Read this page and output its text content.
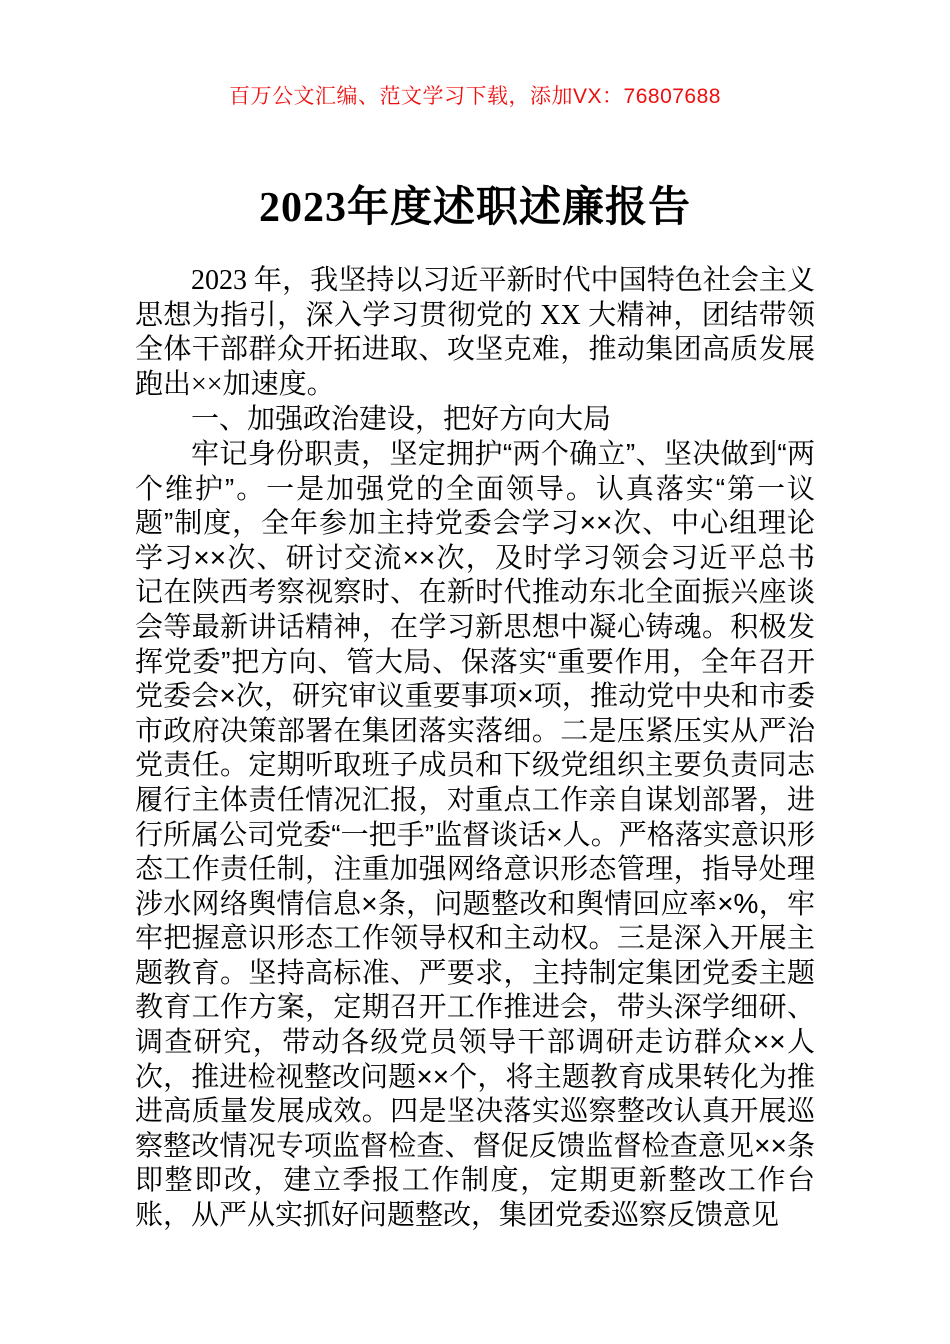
百万公文汇编、范文学习下载，添加VX：76807688
2023年度述职述廉报告

2023 年，我坚持以习近平新时代中国特色社会主义思想为指引，深入学习贯彻党的 XX 大精神，团结带领全体干部群众开拓进取、攻坚克难，推动集团高质发展跑出××加速度。

一、加强政治建设，把好方向大局

牢记身份职责，坚定拥护“两个确立”、坚决做到“两个维护”。一是加强党的全面领导。认真落实“第一议题”制度，全年参加主持党委会学习××次、中心组理论学习××次、研讨交流××次，及时学习领会习近平总书记在陕西考察视察时、在新时代推动东北全面振兴座谈会等最新讲话精神，在学习新思想中凝心铸魂。积极发挥党委”把方向、管大局、保落实“重要作用，全年召开党委会×次，研究审议重要事项×项，推动党中央和市委市政府决策部署在集团落实落细。二是压紧压实从严治党责任。定期听取班子成员和下级党组织主要负责同志履行主体责任情况汇报，对重点工作亲自谋划部署，进行所属公司党委“一把手”监督谈话×人。严格落实意识形态工作责任制，注重加强网络意识形态管理，指导处理涉水网络舆情信息×条，问题整改和舆情回应率×%，牢牢把握意识形态工作领导权和主动权。三是深入开展主题教育。坚持高标准、严要求，主持制定集团党委主题教育工作方案，定期召开工作推进会，带头深学细研、调查研究，带动各级党员领导干部调研走访群众××人次，推进检视整改问题××个，将主题教育成果转化为推进高质量发展成效。四是坚决落实巡察整改认真开展巡察整改情况专项监督检查、督促反馈监督检查意见××条即整即改，建立季报工作制度，定期更新整改工作台账，从严从实抓好问题整改，集团党委巡察反馈意见
